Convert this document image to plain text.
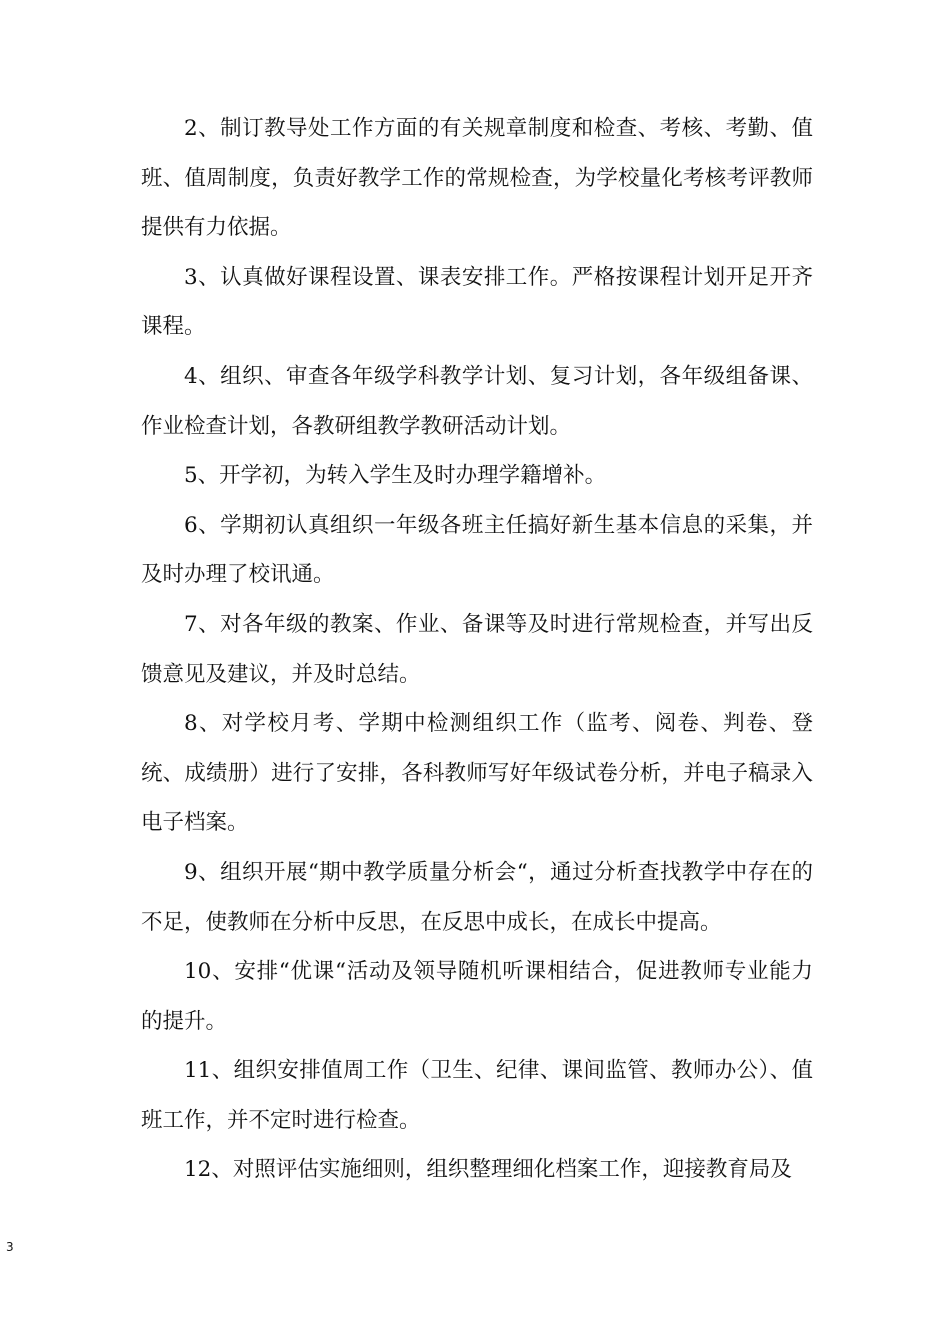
2、制订教导处工作方面的有关规章制度和检查、考核、考勤、值班、值周制度，负责好教学工作的常规检查，为学校量化考核考评教师提供有力依据。

3、认真做好课程设置、课表安排工作。严格按课程计划开足开齐课程。

4、组织、审查各年级学科教学计划、复习计划，各年级组备课、作业检查计划，各教研组教学教研活动计划。

5、开学初，为转入学生及时办理学籍增补。

6、学期初认真组织一年级各班主任搞好新生基本信息的采集，并及时办理了校讯通。

7、对各年级的教案、作业、备课等及时进行常规检查，并写出反馈意见及建议，并及时总结。

8、对学校月考、学期中检测组织工作（监考、阅卷、判卷、登统、成绩册）进行了安排，各科教师写好年级试卷分析，并电子稿录入电子档案。

9、组织开展“期中教学质量分析会“，通过分析查找教学中存在的不足，使教师在分析中反思，在反思中成长，在成长中提高。

10、安排“优课“活动及领导随机听课相结合，促进教师专业能力的提升。

11、组织安排值周工作（卫生、纪律、课间监管、教师办公）、值班工作，并不定时进行检查。

12、对照评估实施细则，组织整理细化档案工作，迎接教育局及

3
